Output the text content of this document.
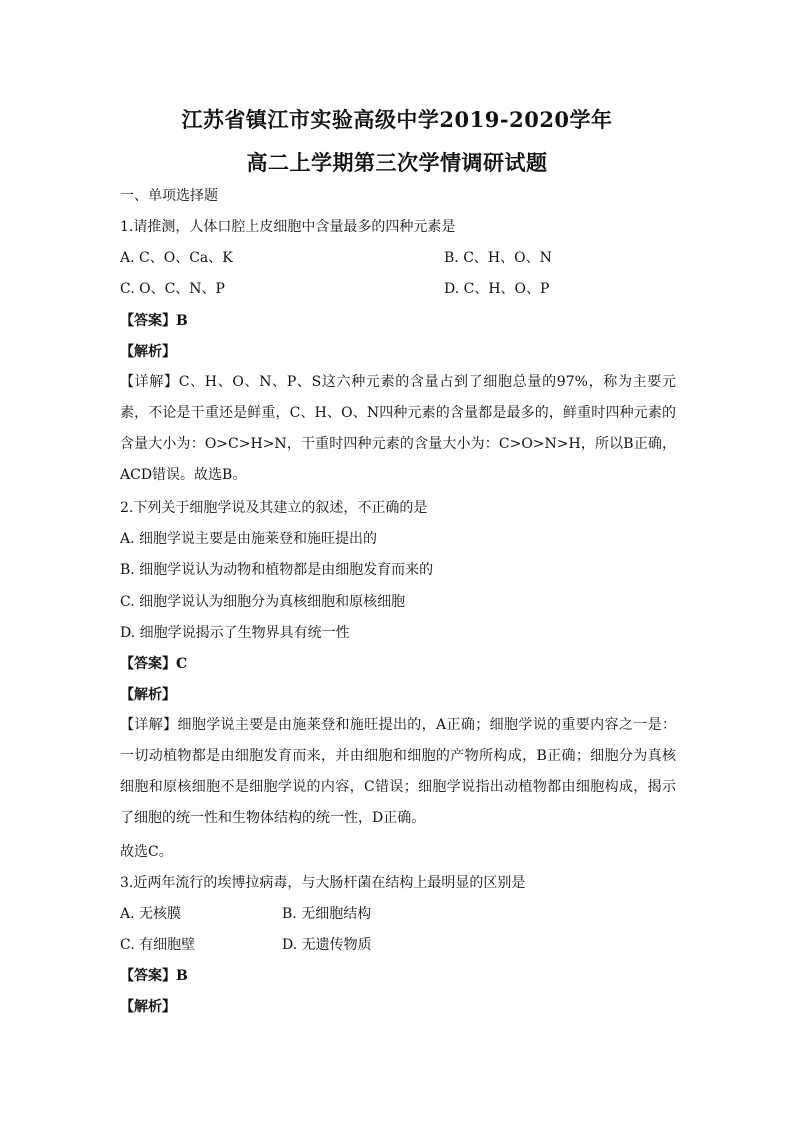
江苏省镇江市实验高级中学2019-2020学年
高二上学期第三次学情调研试题
一、单项选择题
1.请推测，人体口腔上皮细胞中含量最多的四种元素是
A. C、O、Ca、K	B. C、H、O、N
C. O、C、N、P	D. C、H、O、P
【答案】B
【解析】
【详解】C、H、O、N、P、S这六种元素的含量占到了细胞总量的97%，称为主要元素，不论是干重还是鲜重，C、H、O、N四种元素的含量都是最多的，鲜重时四种元素的含量大小为：O>C>H>N，干重时四种元素的含量大小为：C>O>N>H，所以B正确，ACD错误。故选B。
2.下列关于细胞学说及其建立的叙述，不正确的是
A. 细胞学说主要是由施莱登和施旺提出的
B. 细胞学说认为动物和植物都是由细胞发育而来的
C. 细胞学说认为细胞分为真核细胞和原核细胞
D. 细胞学说揭示了生物界具有统一性
【答案】C
【解析】
【详解】细胞学说主要是由施莱登和施旺提出的，A正确；细胞学说的重要内容之一是：一切动植物都是由细胞发育而来，并由细胞和细胞的产物所构成，B正确；细胞分为真核细胞和原核细胞不是细胞学说的内容，C错误；细胞学说指出动植物都由细胞构成，揭示了细胞的统一性和生物体结构的统一性，D正确。
故选C。
3.近两年流行的埃博拉病毒，与大肠杆菌在结构上最明显的区别是
A. 无核膜	B. 无细胞结构
C. 有细胞壁	D. 无遗传物质
【答案】B
【解析】
